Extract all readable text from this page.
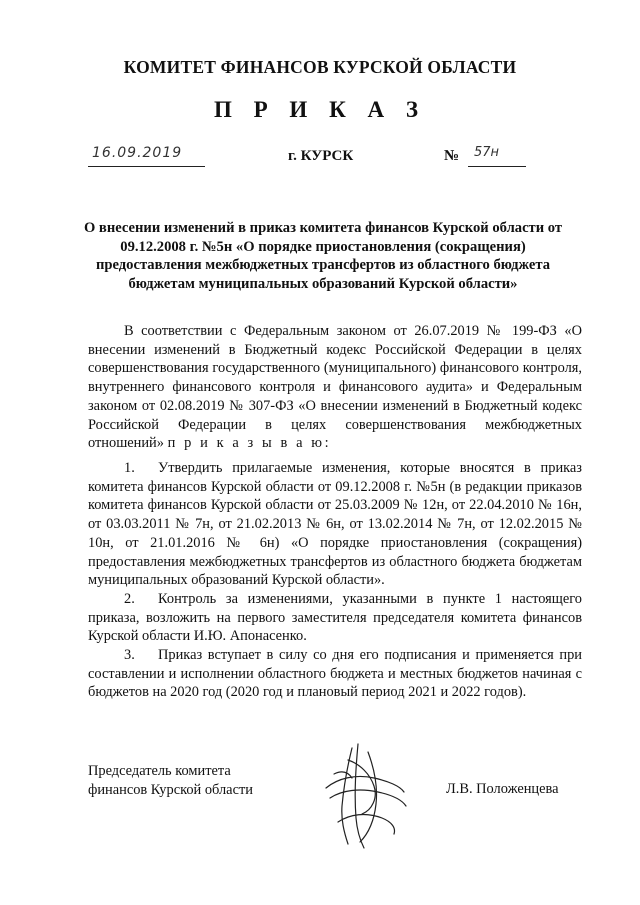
КОМИТЕТ ФИНАНСОВ КУРСКОЙ ОБЛАСТИ
П Р И К А З
16.09.2019	г. КУРСК	№ 57н
О внесении изменений в приказ комитета финансов Курской области от 09.12.2008 г. №5н «О порядке приостановления (сокращения) предоставления межбюджетных трансфертов из областного бюджета бюджетам муниципальных образований Курской области»
В соответствии с Федеральным законом от 26.07.2019 № 199-ФЗ «О внесении изменений в Бюджетный кодекс Российской Федерации в целях совершенствования государственного (муниципального) финансового контроля, внутреннего финансового контроля и финансового аудита» и Федеральным законом от 02.08.2019 № 307-ФЗ «О внесении изменений в Бюджетный кодекс Российской Федерации в целях совершенствования межбюджетных отношений» п р и к а з ы в а ю:

1. Утвердить прилагаемые изменения, которые вносятся в приказ комитета финансов Курской области от 09.12.2008 г. №5н (в редакции приказов комитета финансов Курской области от 25.03.2009 № 12н, от 22.04.2010 № 16н, от 03.03.2011 № 7н, от 21.02.2013 № 6н, от 13.02.2014 № 7н, от 12.02.2015 № 10н, от 21.01.2016 № 6н) «О порядке приостановления (сокращения) предоставления межбюджетных трансфертов из областного бюджета бюджетам муниципальных образований Курской области».

2. Контроль за изменениями, указанными в пункте 1 настоящего приказа, возложить на первого заместителя председателя комитета финансов Курской области И.Ю. Апонасенко.

3. Приказ вступает в силу со дня его подписания и применяется при составлении и исполнении областного бюджета и местных бюджетов начиная с бюджетов на 2020 год (2020 год и плановый период 2021 и 2022 годов).

Председатель комитета
финансов Курской области	Л.В. Положенцева
